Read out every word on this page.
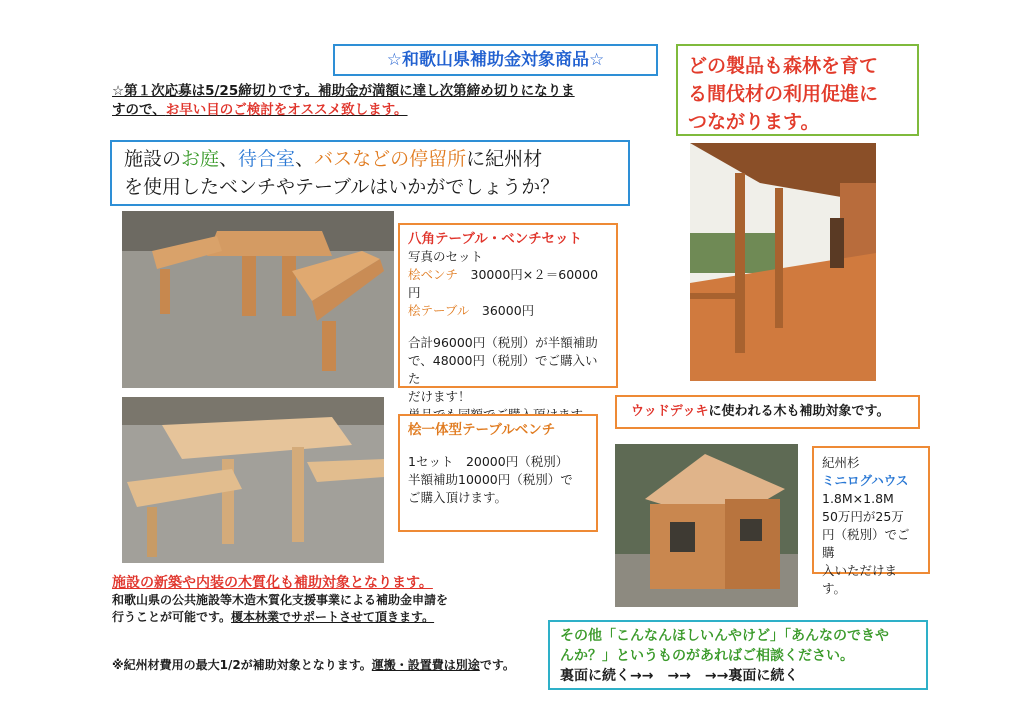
☆和歌山県補助金対象商品☆	どの製品も森林を育て
る間伐材の利用促進に
つながります。
☆第１次応募は5/25締切りです。補助金が満額に達し次第締め切りになりま
すので、お早い目のご検討をオススメ致します。
施設のお庭、待合室、バスなどの停留所に紀州材
を使用したベンチやテーブルはいかがでしょうか？
八角テーブル・ベンチセット
写真のセット
桧ベンチ　 30000円×２＝60000円
桧テーブル　 36000円
合計96000円（税別）が半額補助
で、48000円（税別）でご購入いた
だけます！
桧一体型テーブルベンチ
1セット　20000円（税別）
半額補助10000円（税別）で
ご購入頂けます。
ウッドデッキに使われる木も補助対象です。
紀州杉
ミニログハウス
1.8M×1.8M
50万円が25万
円（税別）でご購
入いただけます。
施設の新築や内装の木質化も補助対象となります。
和歌山県の公共施設等木造木質化支援事業による補助金申請を
行うことが可能です。榎本林業でサポートさせて頂きます。
※紀州材費用の最大1/2が補助対象となります。運搬・設置費は別途です。
その他「こんなんほしいんやけど」「あんなのできや
んか？」というものがあればご相談ください。
裏面に続く→→　→→　→→裏面に続く
